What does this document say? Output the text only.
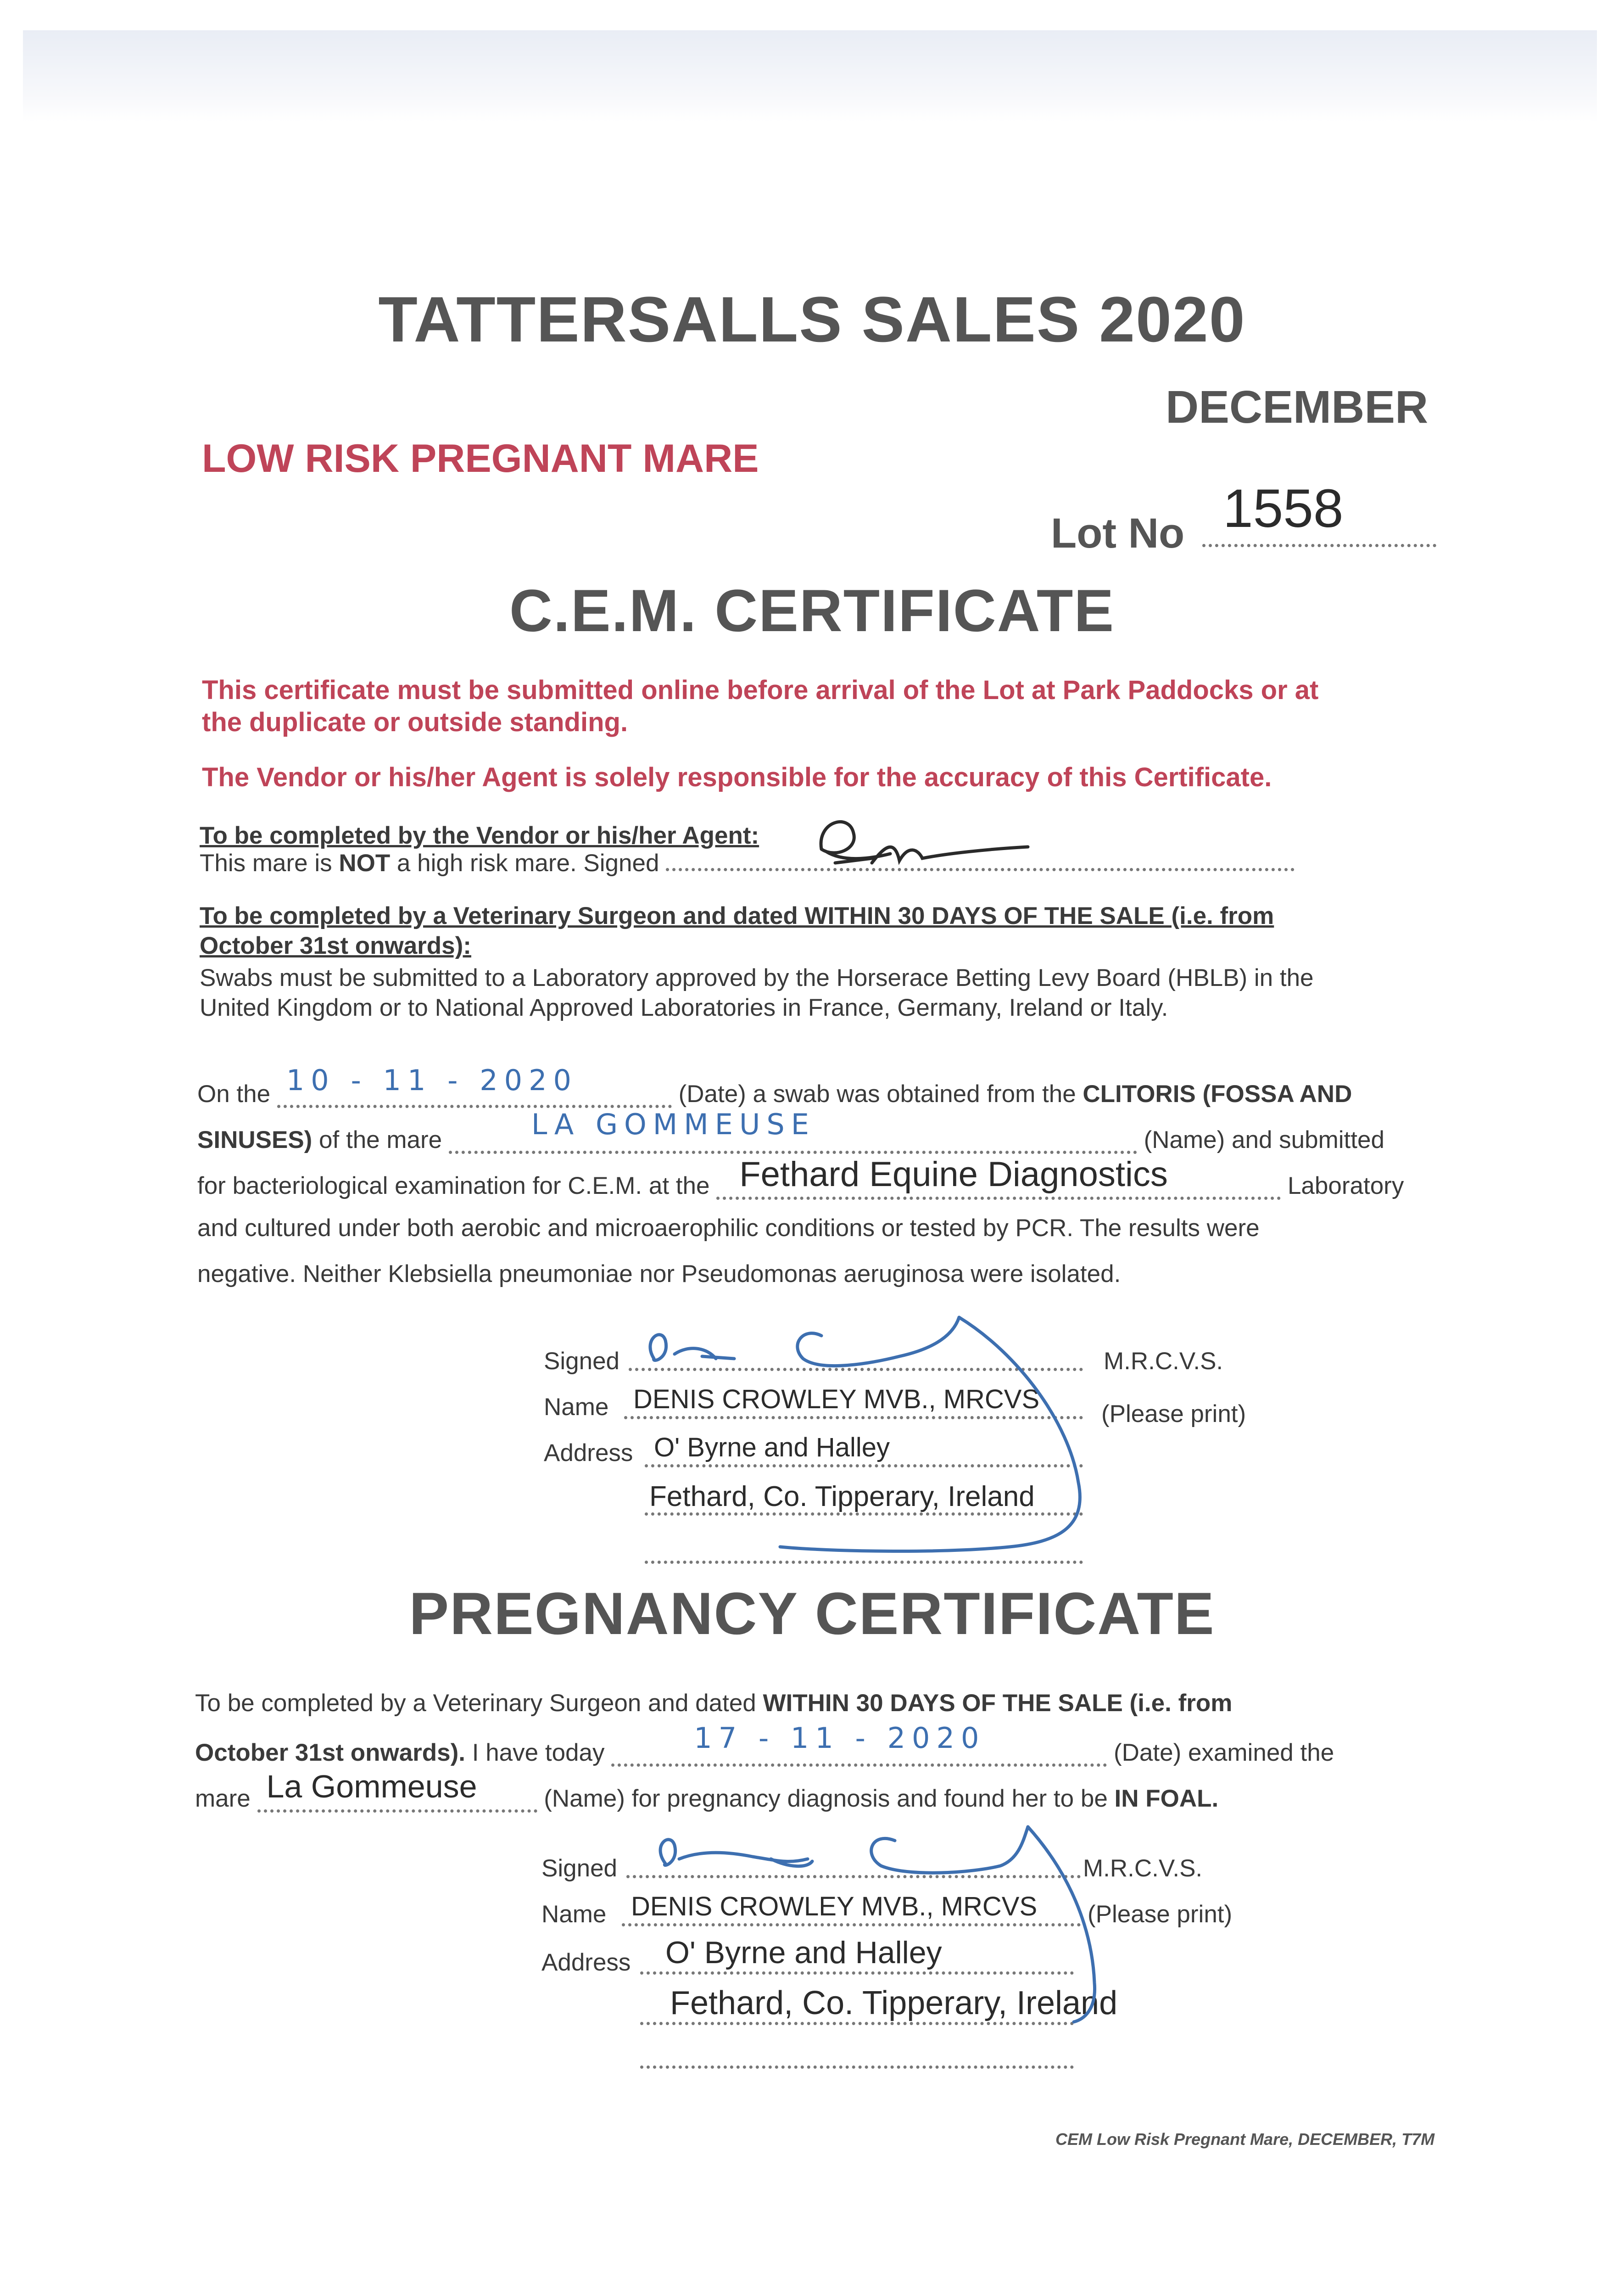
TATTERSALLS SALES 2020
DECEMBER
LOW RISK PREGNANT MARE
Lot No 1558
C.E.M. CERTIFICATE
This certificate must be submitted online before arrival of the Lot at Park Paddocks or at
the duplicate or outside standing.
The Vendor or his/her Agent is solely responsible for the accuracy of this Certificate.
To be completed by the Vendor or his/her Agent:
This mare is NOT a high risk mare. Signed
To be completed by a Veterinary Surgeon and dated WITHIN 30 DAYS OF THE SALE (i.e. from
October 31st onwards):
Swabs must be submitted to a Laboratory approved by the Horserace Betting Levy Board (HBLB) in the
United Kingdom or to National Approved Laboratories in France, Germany, Ireland or Italy.
On the 10 - 11 - 2020	(Date) a swab was obtained from the CLITORIS (FOSSA AND
SINUSES) of the mare	LA GOMMEUSE	(Name) and submitted
for bacteriological examination for C.E.M. at the Fethard Equine Diagnostics	Laboratory
and cultured under both aerobic and microaerophilic conditions or tested by PCR. The results were
negative. Neither Klebsiella pneumoniae nor Pseudomonas aeruginosa were isolated.
Signed	M.R.C.V.S.
Name DENIS CROWLEY MVB., MRCVS	(Please print)
Address O' Byrne and Halley
Fethard, Co. Tipperary, Ireland
PREGNANCY CERTIFICATE
To be completed by a Veterinary Surgeon and dated WITHIN 30 DAYS OF THE SALE (i.e. from
October 31st onwards). I have today	17 - 11 - 2020	(Date) examined the
mare La Gommeuse	(Name) for pregnancy diagnosis and found her to be IN FOAL.
Signed	M.R.C.V.S.
Name DENIS CROWLEY MVB., MRCVS (Please print)
Address O' Byrne and Halley
Fethard, Co. Tipperary, Ireland
CEM Low Risk Pregnant Mare, DECEMBER, T7M
